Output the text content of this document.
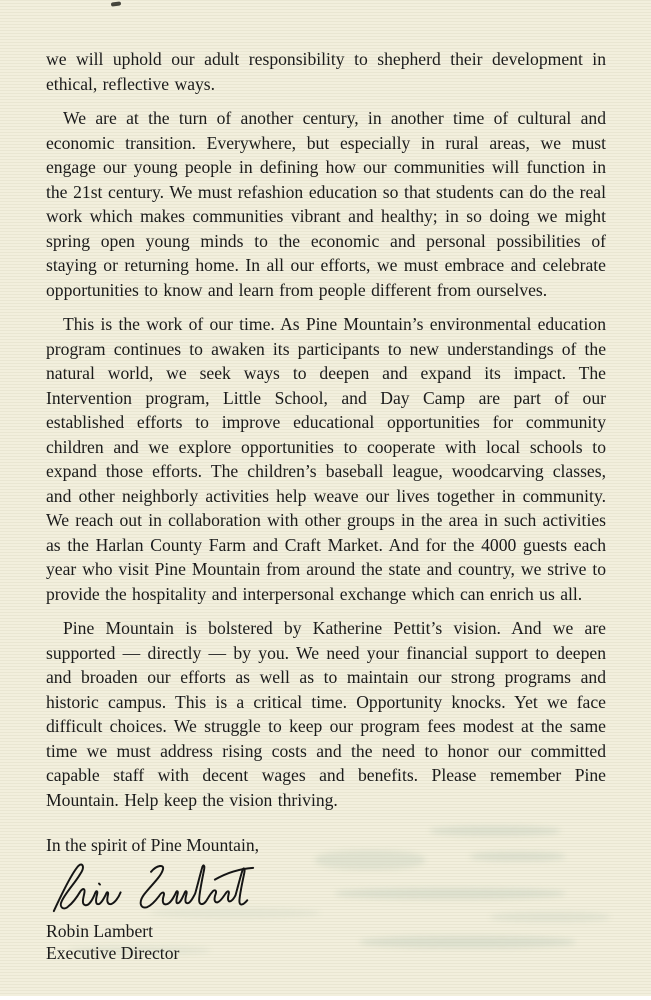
we will uphold our adult responsibility to shepherd their development in ethical, reflective ways.

We are at the turn of another century, in another time of cultural and economic transition. Everywhere, but especially in rural areas, we must engage our young people in defining how our communities will function in the 21st century. We must refashion education so that students can do the real work which makes communities vibrant and healthy; in so doing we might spring open young minds to the economic and personal possibilities of staying or returning home. In all our efforts, we must embrace and celebrate opportunities to know and learn from people different from ourselves.

This is the work of our time. As Pine Mountain’s environmental education program continues to awaken its participants to new understandings of the natural world, we seek ways to deepen and expand its impact. The Intervention program, Little School, and Day Camp are part of our established efforts to improve educational opportunities for community children and we explore opportunities to cooperate with local schools to expand those efforts. The children’s baseball league, woodcarving classes, and other neighborly activities help weave our lives together in community. We reach out in collaboration with other groups in the area in such activities as the Harlan County Farm and Craft Market. And for the 4000 guests each year who visit Pine Mountain from around the state and country, we strive to provide the hospitality and interpersonal exchange which can enrich us all.

Pine Mountain is bolstered by Katherine Pettit’s vision. And we are supported — directly — by you. We need your financial support to deepen and broaden our efforts as well as to maintain our strong programs and historic campus. This is a critical time. Opportunity knocks. Yet we face difficult choices. We struggle to keep our program fees modest at the same time we must address rising costs and the need to honor our committed capable staff with decent wages and benefits. Please remember Pine Mountain. Help keep the vision thriving.

In the spirit of Pine Mountain,

Robin Lambert
Executive Director
